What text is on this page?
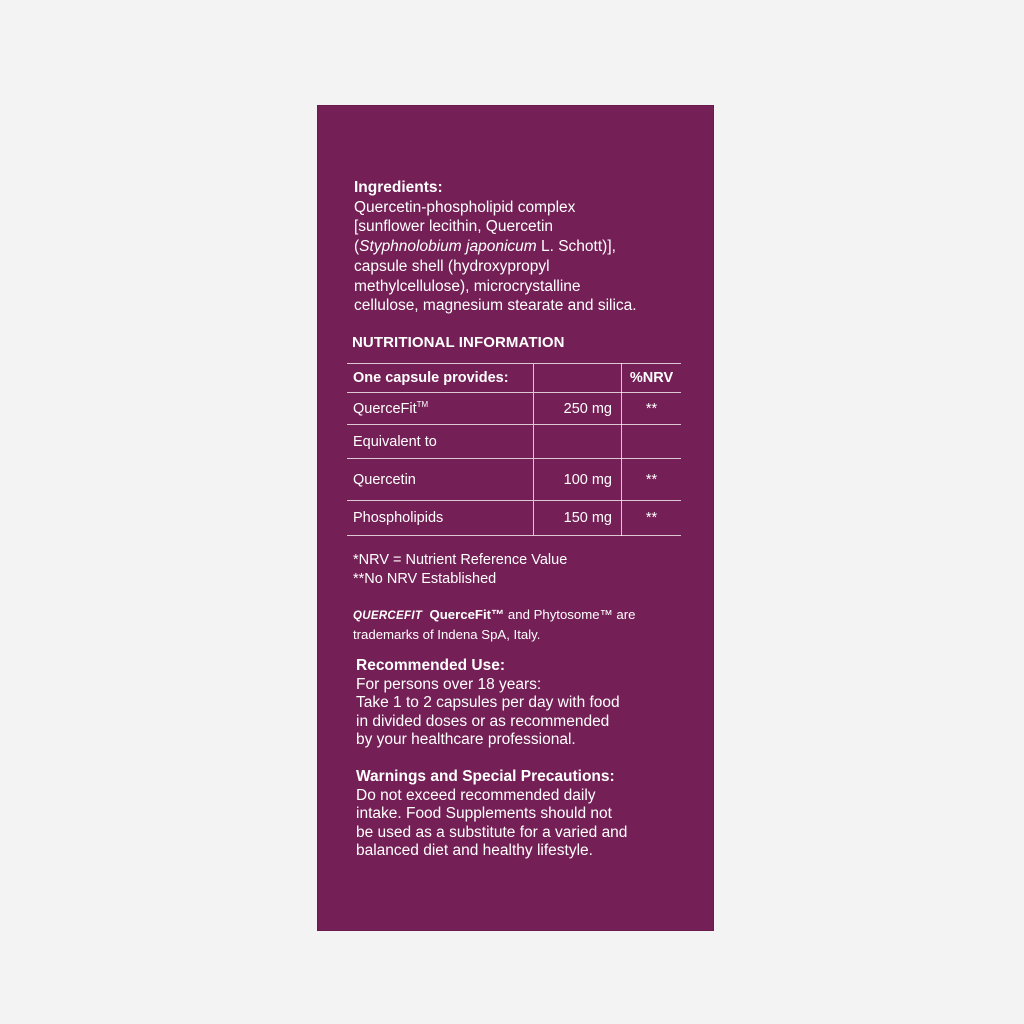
Ingredients:
Quercetin-phospholipid complex
[sunflower lecithin, Quercetin
(Styphnolobium japonicum L. Schott)],
capsule shell (hydroxypropyl
methylcellulose), microcrystalline
cellulose, magnesium stearate and silica.
NUTRITIONAL INFORMATION
One capsule provides:		%NRV
QuerceFit™	250 mg	**
Equivalent to		
Quercetin	100 mg	**
Phospholipids	150 mg	**
*NRV = Nutrient Reference Value
**No NRV Established
QUERCEFIT QuerceFit™ and Phytosome™ are
trademarks of Indena SpA, Italy.
Recommended Use:
For persons over 18 years:
Take 1 to 2 capsules per day with food
in divided doses or as recommended
by your healthcare professional.
Warnings and Special Precautions:
Do not exceed recommended daily
intake. Food Supplements should not
be used as a substitute for a varied and
balanced diet and healthy lifestyle.
